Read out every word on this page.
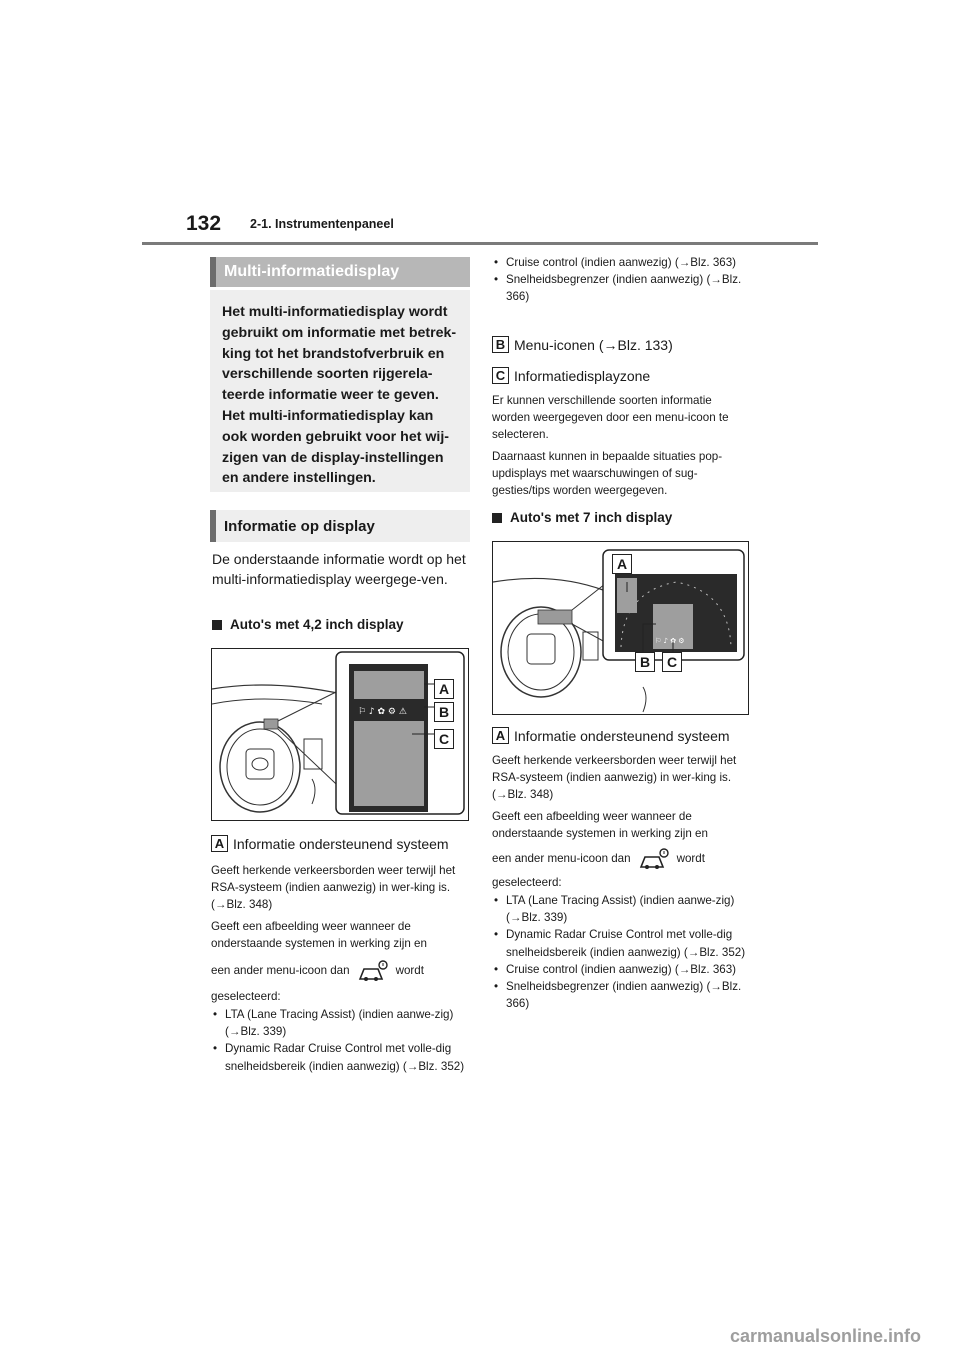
132 2-1. Instrumentenpaneel
Multi-informatiedisplay
Het multi-informatiedisplay wordt gebruikt om informatie met betrek-king tot het brandstofverbruik en verschillende soorten rijgerela-teerde informatie weer te geven. Het multi-informatiedisplay kan ook worden gebruikt voor het wij-zigen van de display-instellingen en andere instellingen.
Informatie op display
De onderstaande informatie wordt op het multi-informatiedisplay weergege-ven.
Auto's met 4,2 inch display
⚐ ♪ ✿ ⚙ ⚠
A
B
C
A Informatie ondersteunend systeem
Geeft herkende verkeersborden weer terwijl het RSA-systeem (indien aanwezig) in wer-king is. (→Blz. 348)
Geeft een afbeelding weer wanneer de onderstaande systemen in werking zijn en
een ander menu-icoon dan	wordt
geselecteerd:
• LTA (Lane Tracing Assist) (indien aanwe-zig) (→Blz. 339)
• Dynamic Radar Cruise Control met volle-dig snelheidsbereik (indien aanwezig) (→Blz. 352)
• Cruise control (indien aanwezig) (→Blz. 363)
• Snelheidsbegrenzer (indien aanwezig) (→Blz. 366)
B Menu-iconen (→Blz. 133)
C Informatiedisplayzone
Er kunnen verschillende soorten informatie worden weergegeven door een menu-icoon te selecteren.
Daarnaast kunnen in bepaalde situaties pop-updisplays met waarschuwingen of sug-gesties/tips worden weergegeven.
Auto's met 7 inch display
⚐ ♪ ✿ ⚙
A
B	C
A Informatie ondersteunend systeem
Geeft herkende verkeersborden weer terwijl het RSA-systeem (indien aanwezig) in wer-king is. (→Blz. 348)
Geeft een afbeelding weer wanneer de onderstaande systemen in werking zijn en
een ander menu-icoon dan	wordt
geselecteerd:
• LTA (Lane Tracing Assist) (indien aanwe-zig) (→Blz. 339)
• Dynamic Radar Cruise Control met volle-dig snelheidsbereik (indien aanwezig) (→Blz. 352)
• Cruise control (indien aanwezig) (→Blz. 363)
• Snelheidsbegrenzer (indien aanwezig) (→Blz. 366)
carmanualsonline.info
